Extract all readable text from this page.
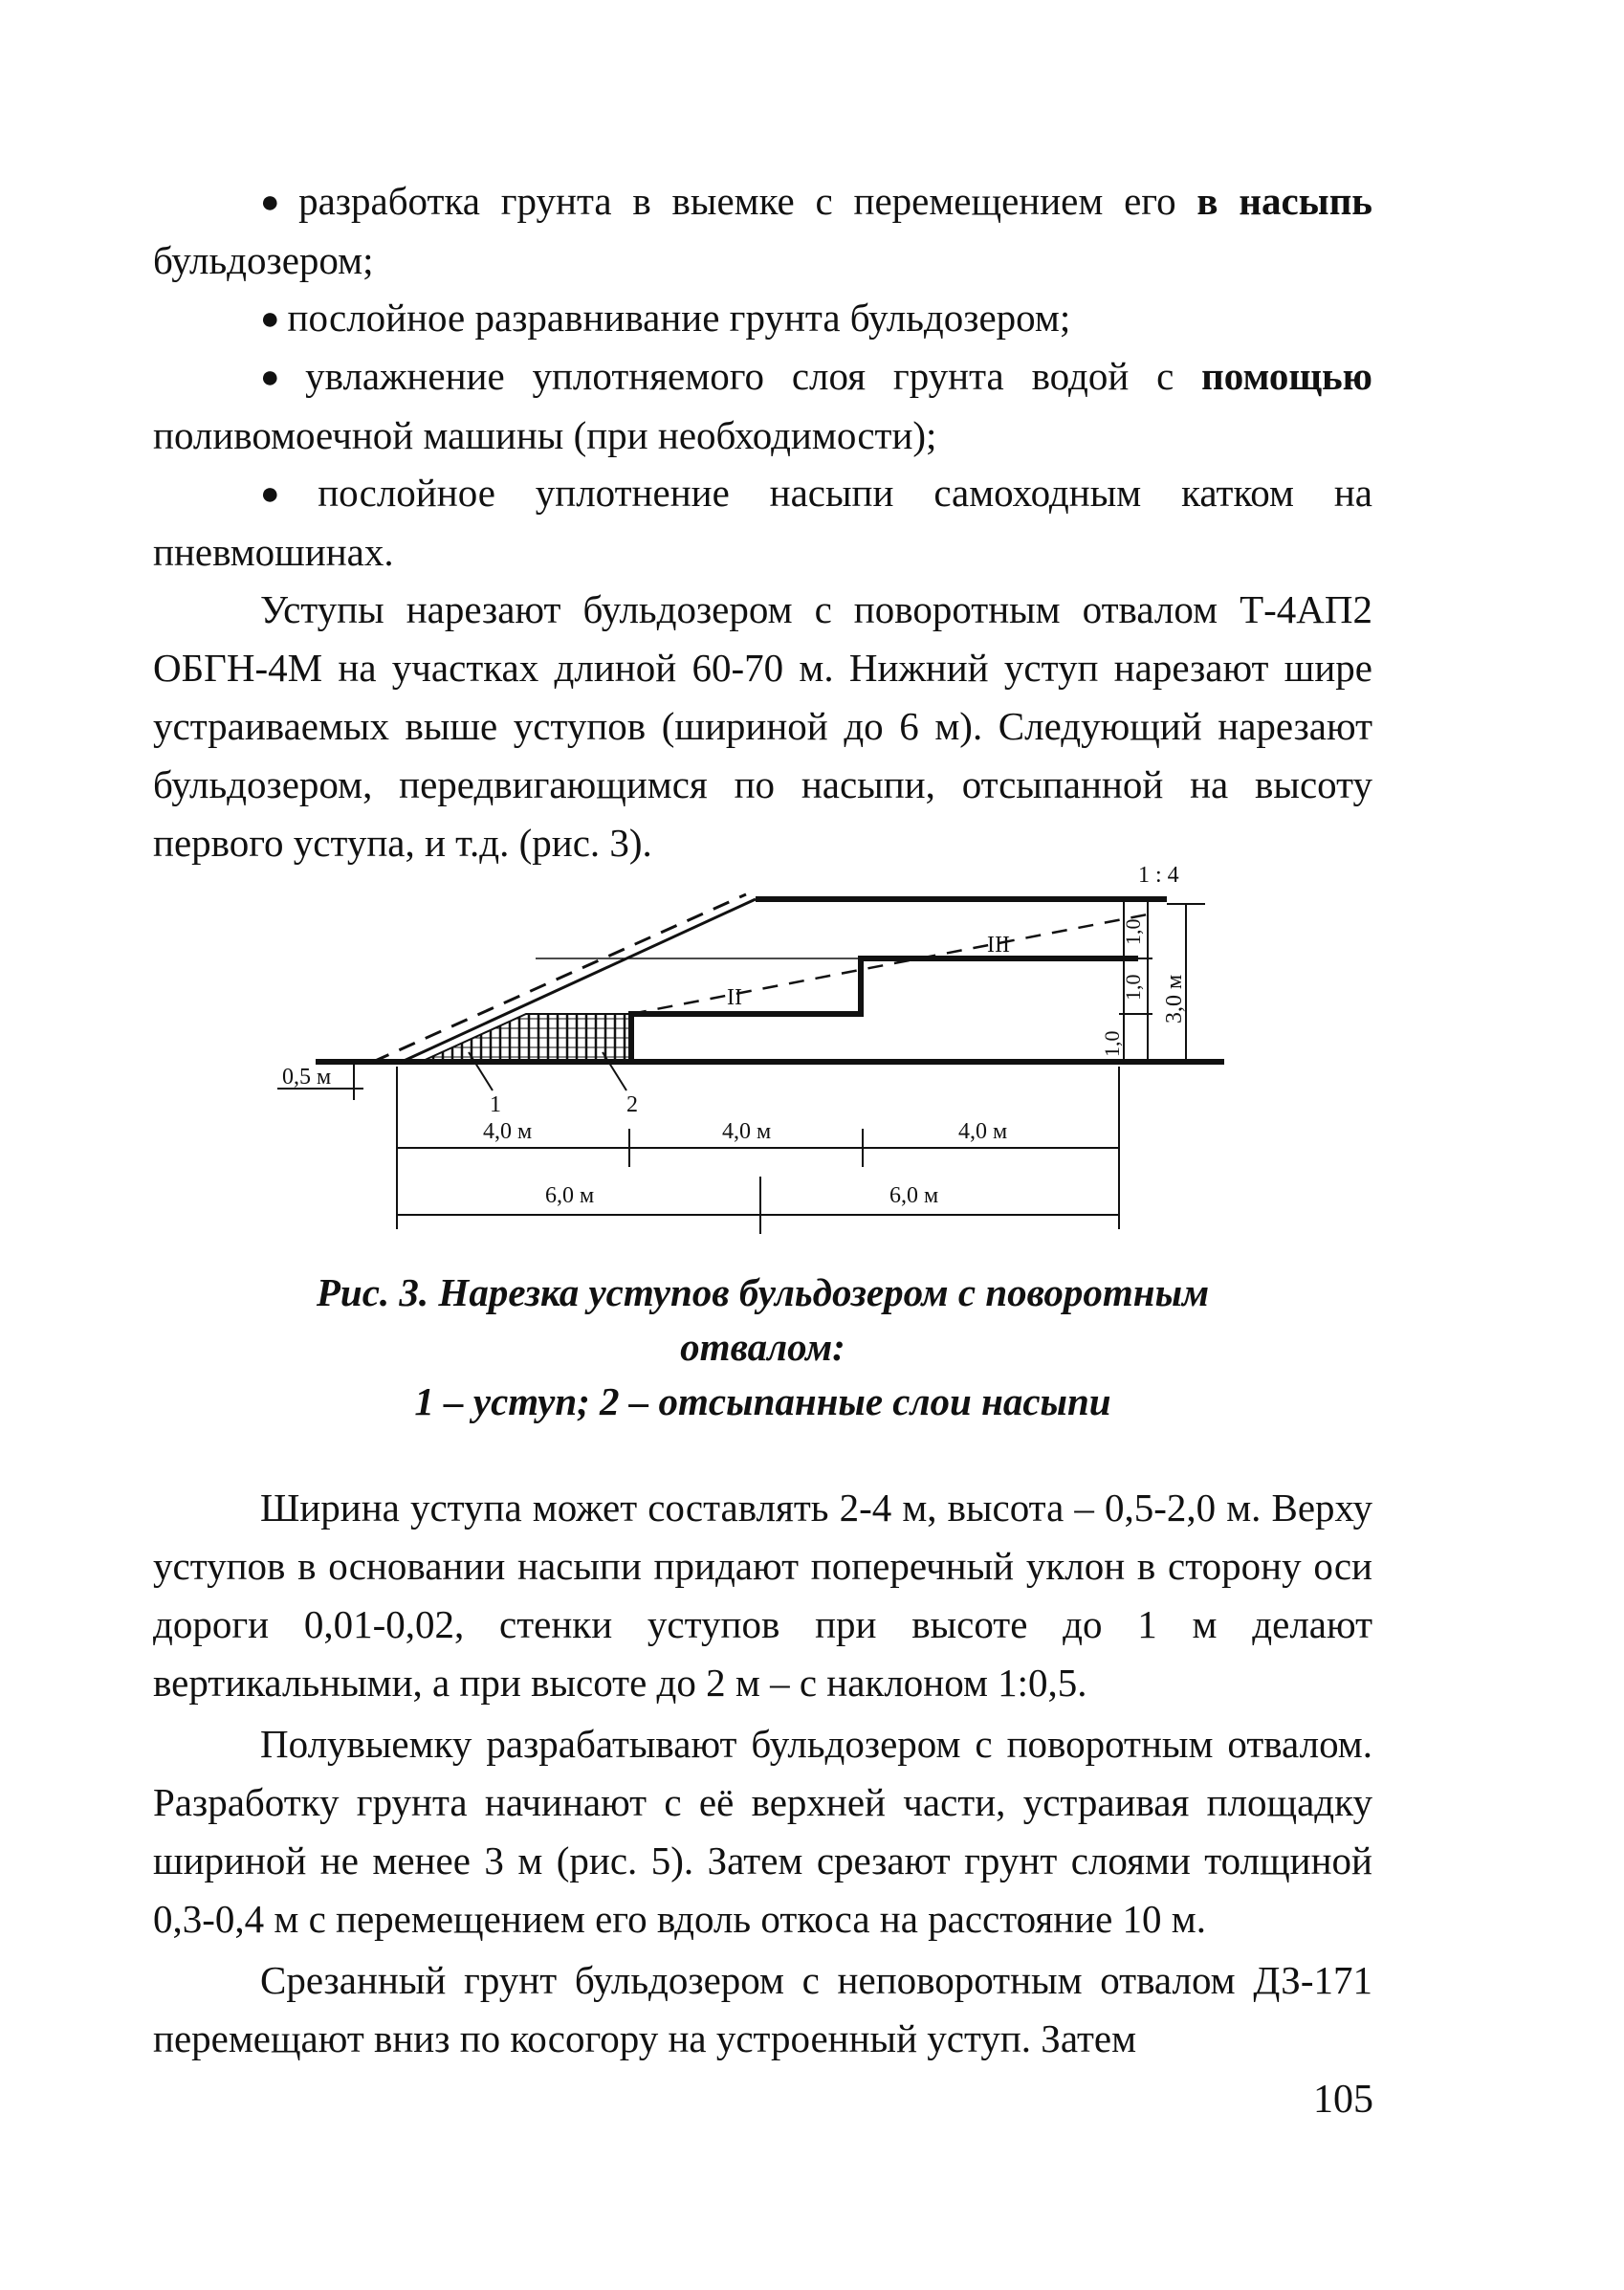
● разработка грунта в выемке с перемещением его в насыпь бульдозером;

● послойное разравнивание грунта бульдозером;

● увлажнение уплотняемого слоя грунта водой с помощью поливомоечной машины (при необходимости);

● послойное уплотнение насыпи самоходным катком на пневмошинах.

Уступы нарезают бульдозером с поворотным отвалом Т-4АП2 ОБГН-4М на участках длиной 60-70 м. Нижний уступ нарезают шире устраиваемых выше уступов (шириной до 6 м). Следующий нарезают бульдозером, передвигающимся по насыпи, отсыпанной на высоту первого уступа, и т.д. (рис. 3).

1,0
1,0
1,0
3,0 м
1 : 4
II
III
0,5 м
1	2
4,0 м	4,0 м	4,0 м
6,0 м	6,0 м

Рис. 3. Нарезка уступов бульдозером с поворотным

отвалом:

1 – уступ; 2 – отсыпанные слои насыпи

Ширина уступа может составлять 2-4 м, высота – 0,5-2,0 м. Верху уступов в основании насыпи придают поперечный уклон в сторону оси дороги 0,01-0,02, стенки уступов при высоте до 1 м делают вертикальными, а при высоте до 2 м – с наклоном 1:0,5.

Полувыемку разрабатывают бульдозером с поворотным отвалом. Разработку грунта начинают с её верхней части, устраивая площадку шириной не менее 3 м (рис. 5). Затем срезают грунт слоями толщиной 0,3-0,4 м с перемещением его вдоль откоса на расстояние 10 м.

Срезанный грунт бульдозером с неповоротным отвалом ДЗ-171 перемещают вниз по косогору на устроенный уступ. Затем

105
